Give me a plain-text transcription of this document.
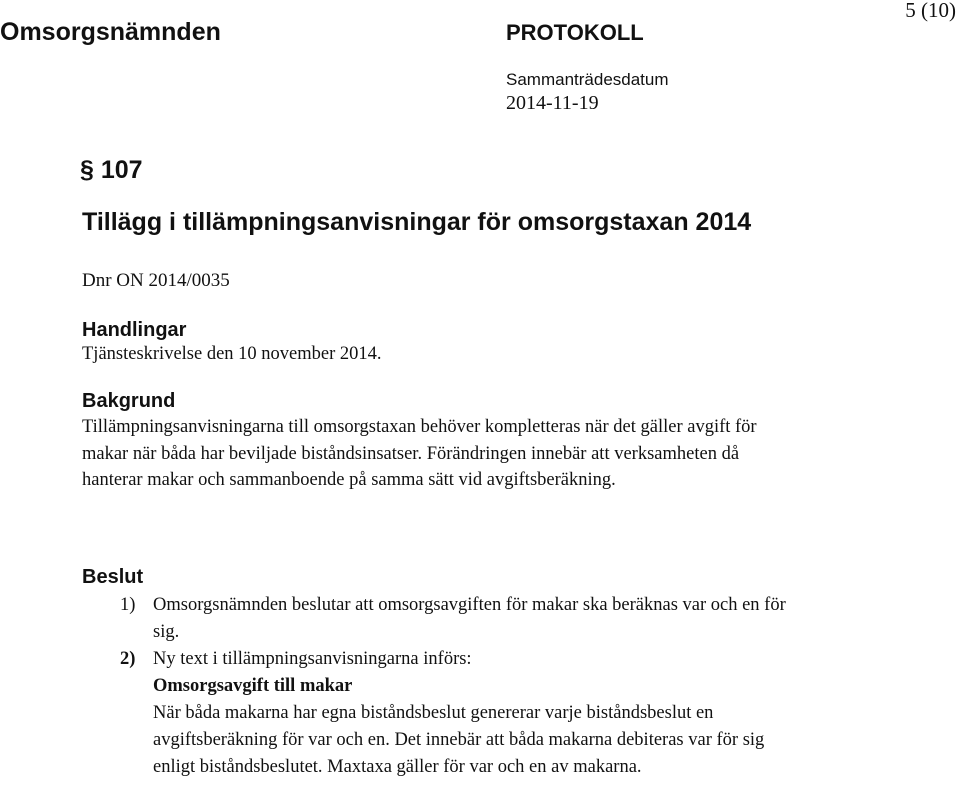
Omsorgsnämnden	PROTOKOLL
5 (10)
Sammanträdesdatum
2014-11-19
§ 107
Tillägg i tillämpningsanvisningar för omsorgstaxan 2014
Dnr ON 2014/0035

Handlingar

Tjänsteskrivelse den 10 november 2014.

Bakgrund

Tillämpningsanvisningarna till omsorgstaxan behöver kompletteras när det gäller avgift för makar när båda har beviljade biståndsinsatser. Förändringen innebär att verksamheten då hanterar makar och sammanboende på samma sätt vid avgiftsberäkning.

Beslut
1) Omsorgsnämnden beslutar att omsorgsavgiften för makar ska beräknas var och en för sig.
2) Ny text i tillämpningsanvisningarna införs:
Omsorgsavgift till makar
När båda makarna har egna biståndsbeslut genererar varje biståndsbeslut en avgiftsberäkning för var och en. Det innebär att båda makarna debiteras var för sig enligt biståndsbeslutet. Maxtaxa gäller för var och en av makarna.
